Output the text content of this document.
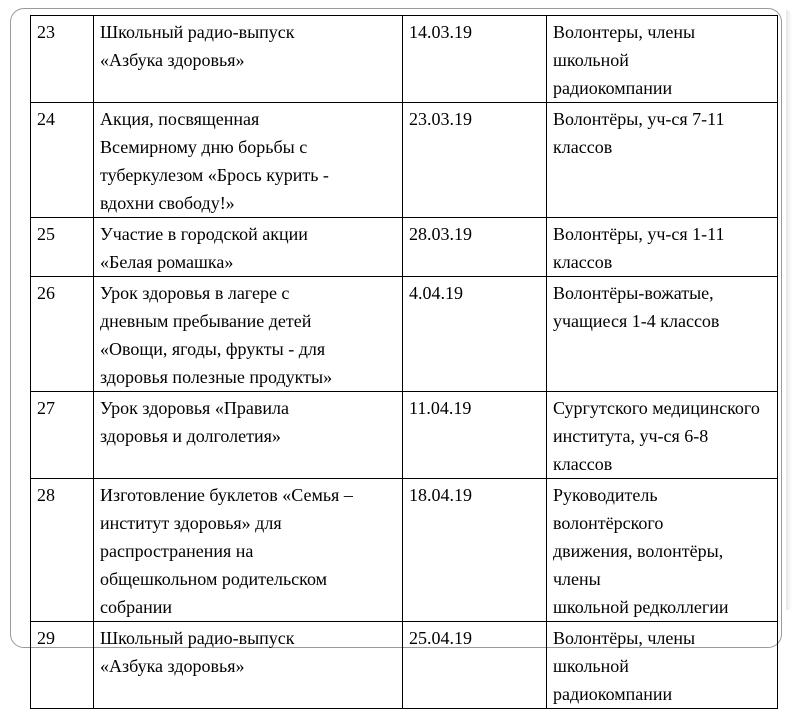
23	Школьный радио-выпуск
«Азбука здоровья»	14.03.19	Волонтеры, члены школьной
радиокомпании
24	Акция, посвященная
Всемирному дню борьбы с
туберкулезом «Брось курить -
вдохни свободу!»	23.03.19	Волонтёры, уч-ся 7-11
классов
25	Участие в городской акции
«Белая ромашка»	28.03.19	Волонтёры, уч-ся 1-11
классов
26	Урок здоровья в лагере с
дневным пребывание детей
«Овощи, ягоды, фрукты - для
здоровья полезные продукты»	4.04.19	Волонтёры-вожатые,
учащиеся 1-4 классов
27	Урок здоровья «Правила
здоровья и долголетия»	11.04.19	Сургутского медицинского
института, уч-ся 6-8 классов
28	Изготовление буклетов «Семья –
институт здоровья» для
распространения на
общешкольном родительском
собрании	18.04.19	Руководитель волонтёрского
движения, волонтёры, члены
школьной редколлегии
29	Школьный радио-выпуск
«Азбука здоровья»	25.04.19	Волонтёры, члены школьной
радиокомпании
